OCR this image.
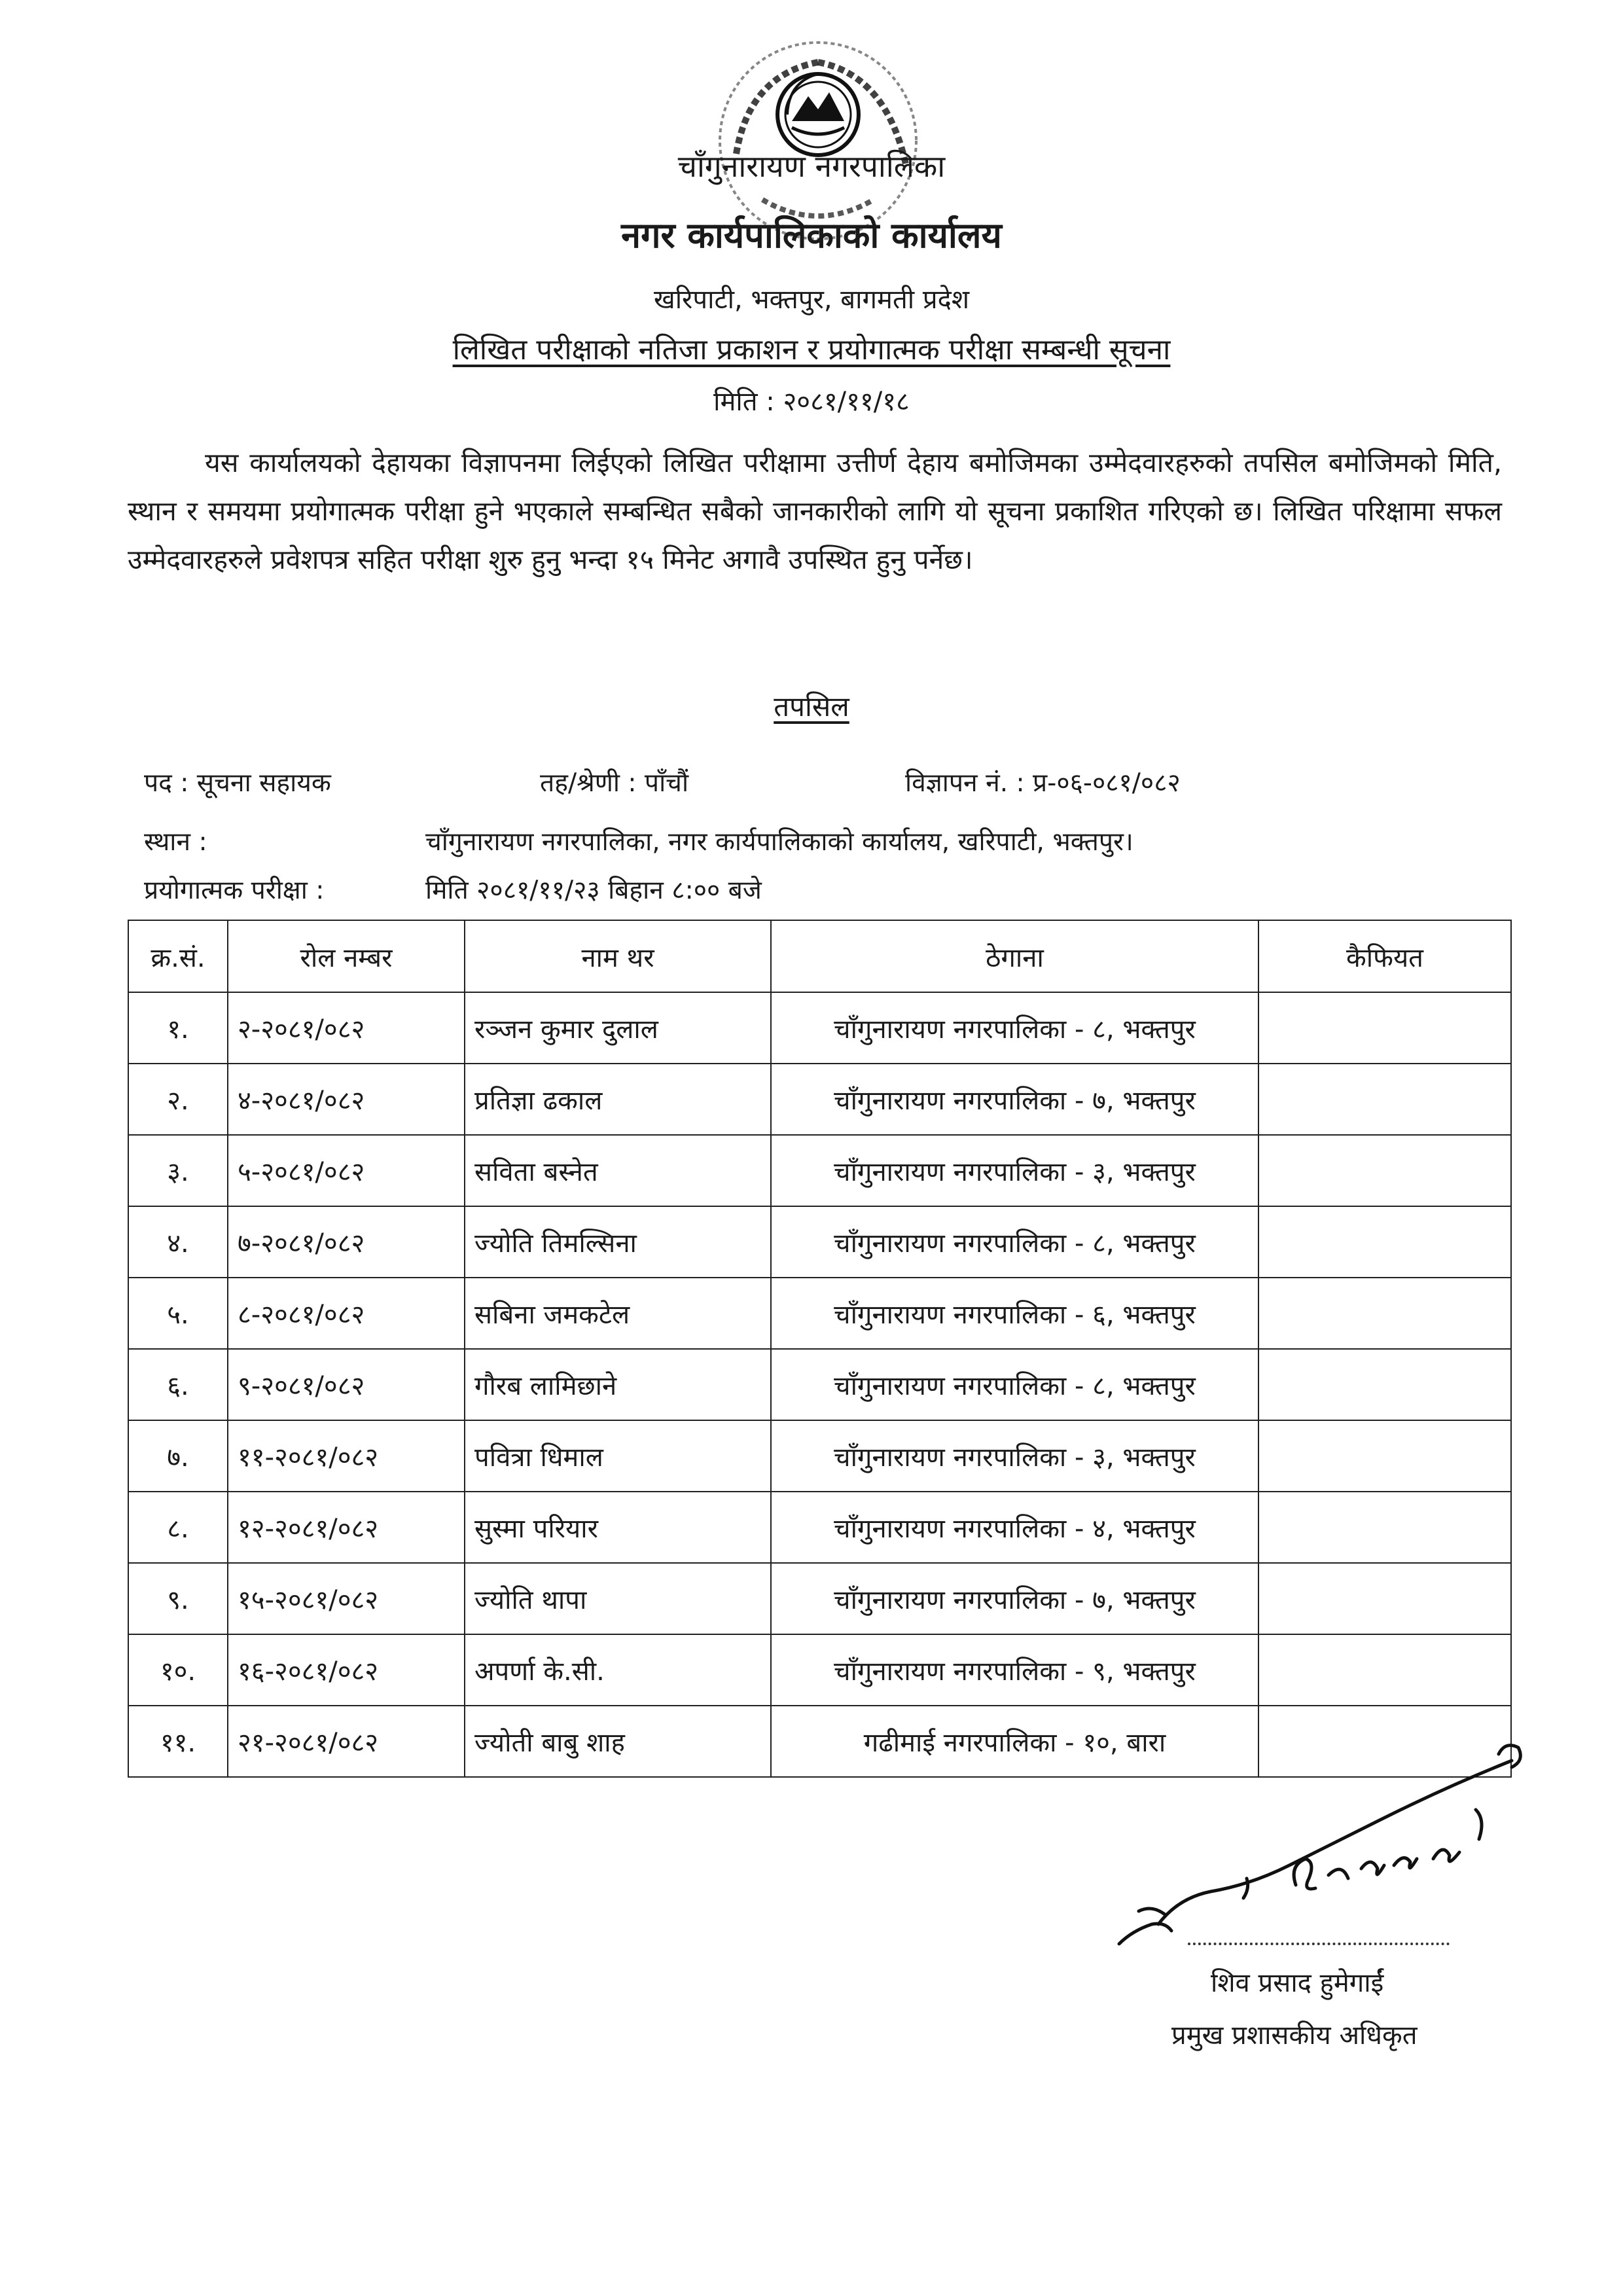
चाँगुनारायण नगरपालिका
नगर कार्यपालिकाको कार्यालय
खरिपाटी, भक्तपुर, बागमती प्रदेश
लिखित परीक्षाको नतिजा प्रकाशन र प्रयोगात्मक परीक्षा सम्बन्धी सूचना
मिति : २०८१/११/१८
यस कार्यालयको देहायका विज्ञापनमा लिईएको लिखित परीक्षामा उत्तीर्ण देहाय बमोजिमका उम्मेदवारहरुको तपसिल बमोजिमको मिति, स्थान र समयमा प्रयोगात्मक परीक्षा हुने भएकाले सम्बन्धित सबैको जानकारीको लागि यो सूचना प्रकाशित गरिएको छ। लिखित परिक्षामा सफल उम्मेदवारहरुले प्रवेशपत्र सहित परीक्षा शुरु हुनु भन्दा १५ मिनेट अगावै उपस्थित हुनु पर्नेछ।
तपसिल
पद : सूचना सहायक	तह/श्रेणी : पाँचौं	विज्ञापन नं. : प्र-०६-०८१/०८२
स्थान :	चाँगुनारायण नगरपालिका, नगर कार्यपालिकाको कार्यालय, खरिपाटी, भक्तपुर।
प्रयोगात्मक परीक्षा :	मिति २०८१/११/२३ बिहान ८:०० बजे
क्र.सं.	रोल नम्बर	नाम थर	ठेगाना	कैफियत
१.	२-२०८१/०८२	रञ्जन कुमार दुलाल	चाँगुनारायण नगरपालिका - ८, भक्तपुर	
२.	४-२०८१/०८२	प्रतिज्ञा ढकाल	चाँगुनारायण नगरपालिका - ७, भक्तपुर	
३.	५-२०८१/०८२	सविता बस्नेत	चाँगुनारायण नगरपालिका - ३, भक्तपुर	
४.	७-२०८१/०८२	ज्योति तिमल्सिना	चाँगुनारायण नगरपालिका - ८, भक्तपुर	
५.	८-२०८१/०८२	सबिना जमकटेल	चाँगुनारायण नगरपालिका - ६, भक्तपुर	
६.	९-२०८१/०८२	गौरब लामिछाने	चाँगुनारायण नगरपालिका - ८, भक्तपुर	
७.	११-२०८१/०८२	पवित्रा धिमाल	चाँगुनारायण नगरपालिका - ३, भक्तपुर	
८.	१२-२०८१/०८२	सुस्मा परियार	चाँगुनारायण नगरपालिका - ४, भक्तपुर	
९.	१५-२०८१/०८२	ज्योति थापा	चाँगुनारायण नगरपालिका - ७, भक्तपुर	
१०.	१६-२०८१/०८२	अपर्णा के.सी.	चाँगुनारायण नगरपालिका - ९, भक्तपुर	
११.	२१-२०८१/०८२	ज्योती बाबु शाह	गढीमाई नगरपालिका - १०, बारा	
शिव प्रसाद हुमेगाईं
प्रमुख प्रशासकीय अधिकृत
